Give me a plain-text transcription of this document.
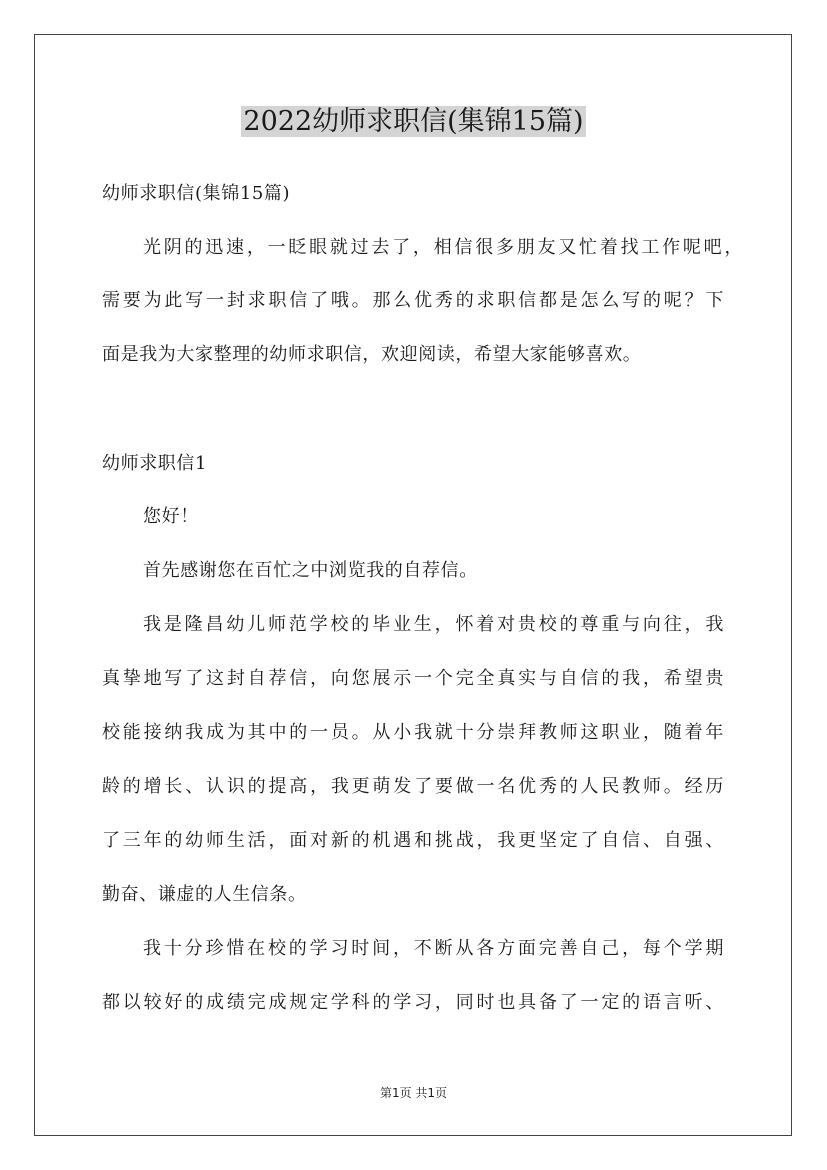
2022幼师求职信(集锦15篇)
幼师求职信(集锦15篇)
光阴的迅速，一眨眼就过去了，相信很多朋友又忙着找工作呢吧，
需要为此写一封求职信了哦。那么优秀的求职信都是怎么写的呢？下
面是我为大家整理的幼师求职信，欢迎阅读，希望大家能够喜欢。
幼师求职信1
您好！
首先感谢您在百忙之中浏览我的自荐信。
我是隆昌幼儿师范学校的毕业生，怀着对贵校的尊重与向往，我
真挚地写了这封自荐信，向您展示一个完全真实与自信的我，希望贵
校能接纳我成为其中的一员。从小我就十分崇拜教师这职业，随着年
龄的增长、认识的提高，我更萌发了要做一名优秀的人民教师。经历
了三年的幼师生活，面对新的机遇和挑战，我更坚定了自信、自强、
勤奋、谦虚的人生信条。
我十分珍惜在校的学习时间，不断从各方面完善自己，每个学期
都以较好的成绩完成规定学科的学习，同时也具备了一定的语言听、
第1页 共1页
